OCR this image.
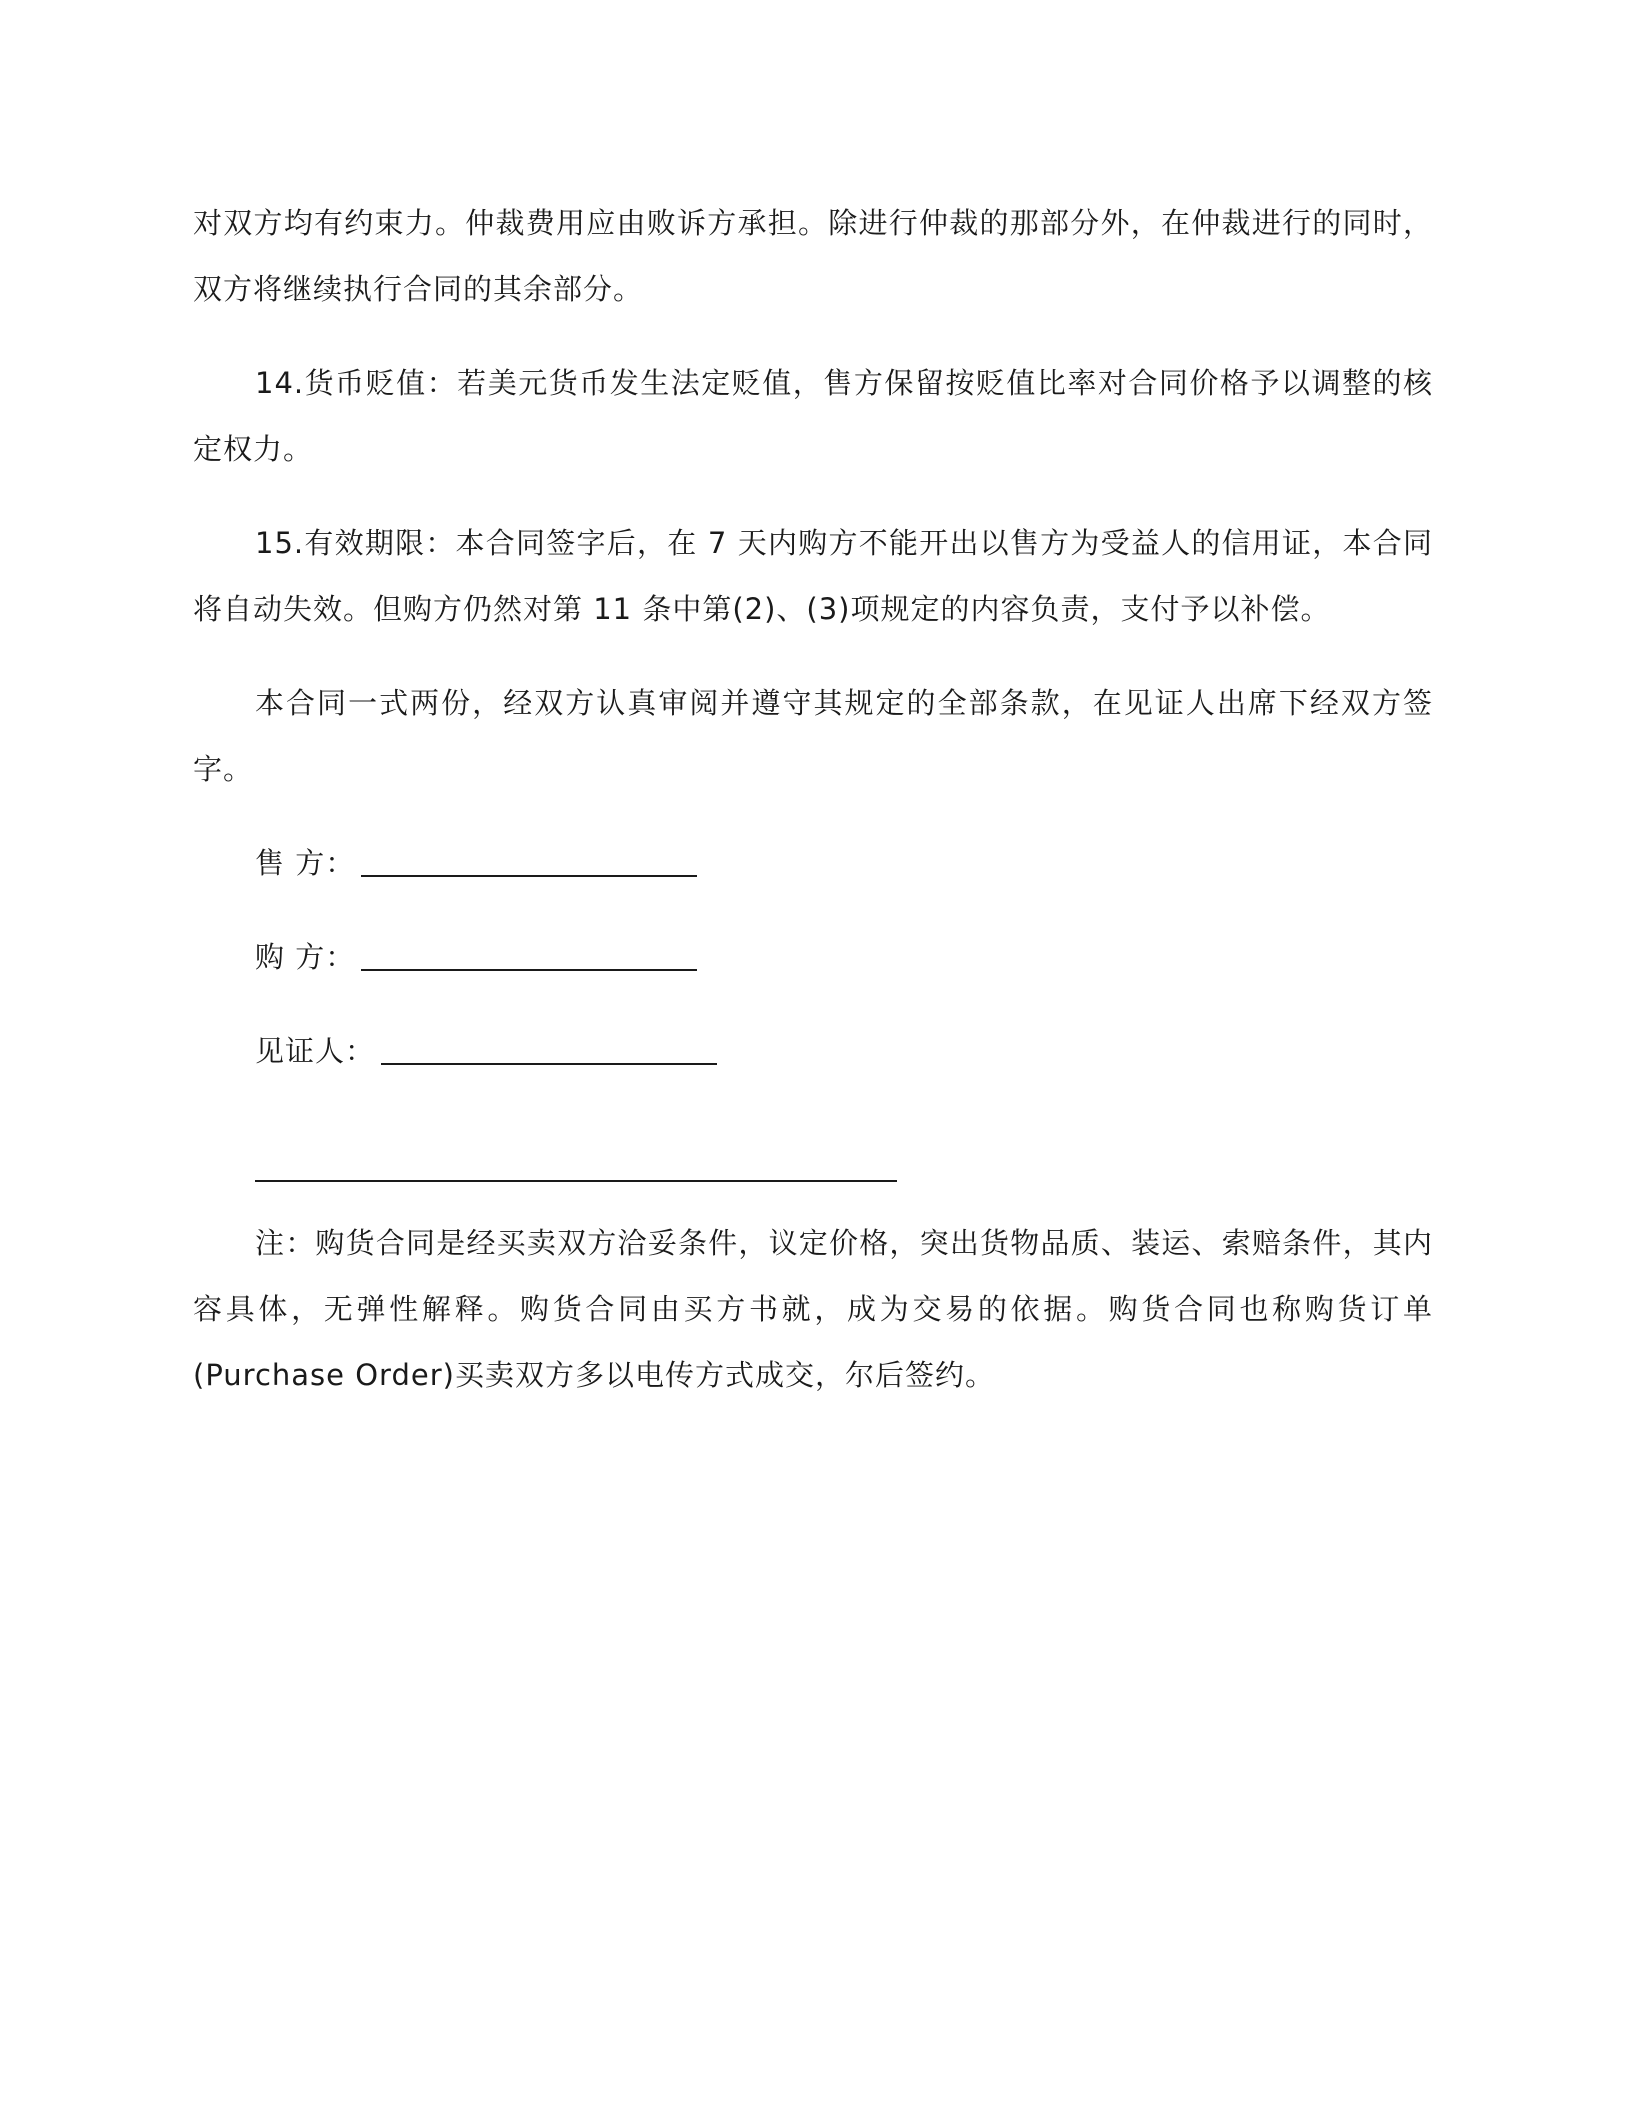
对双方均有约束力。仲裁费用应由败诉方承担。除进行仲裁的那部分外，在仲裁进行的同时，双方将继续执行合同的其余部分。

14.货币贬值：若美元货币发生法定贬值，售方保留按贬值比率对合同价格予以调整的核定权力。

15.有效期限：本合同签字后，在 7 天内购方不能开出以售方为受益人的信用证，本合同将自动失效。但购方仍然对第 11 条中第(2)、(3)项规定的内容负责，支付予以补偿。

本合同一式两份，经双方认真审阅并遵守其规定的全部条款，在见证人出席下经双方签字。

售 方：
购 方：
见证人：

注：购货合同是经买卖双方洽妥条件，议定价格，突出货物品质、装运、索赔条件，其内容具体，无弹性解释。购货合同由买方书就，成为交易的依据。购货合同也称购货订单(Purchase Order)买卖双方多以电传方式成交，尔后签约。
